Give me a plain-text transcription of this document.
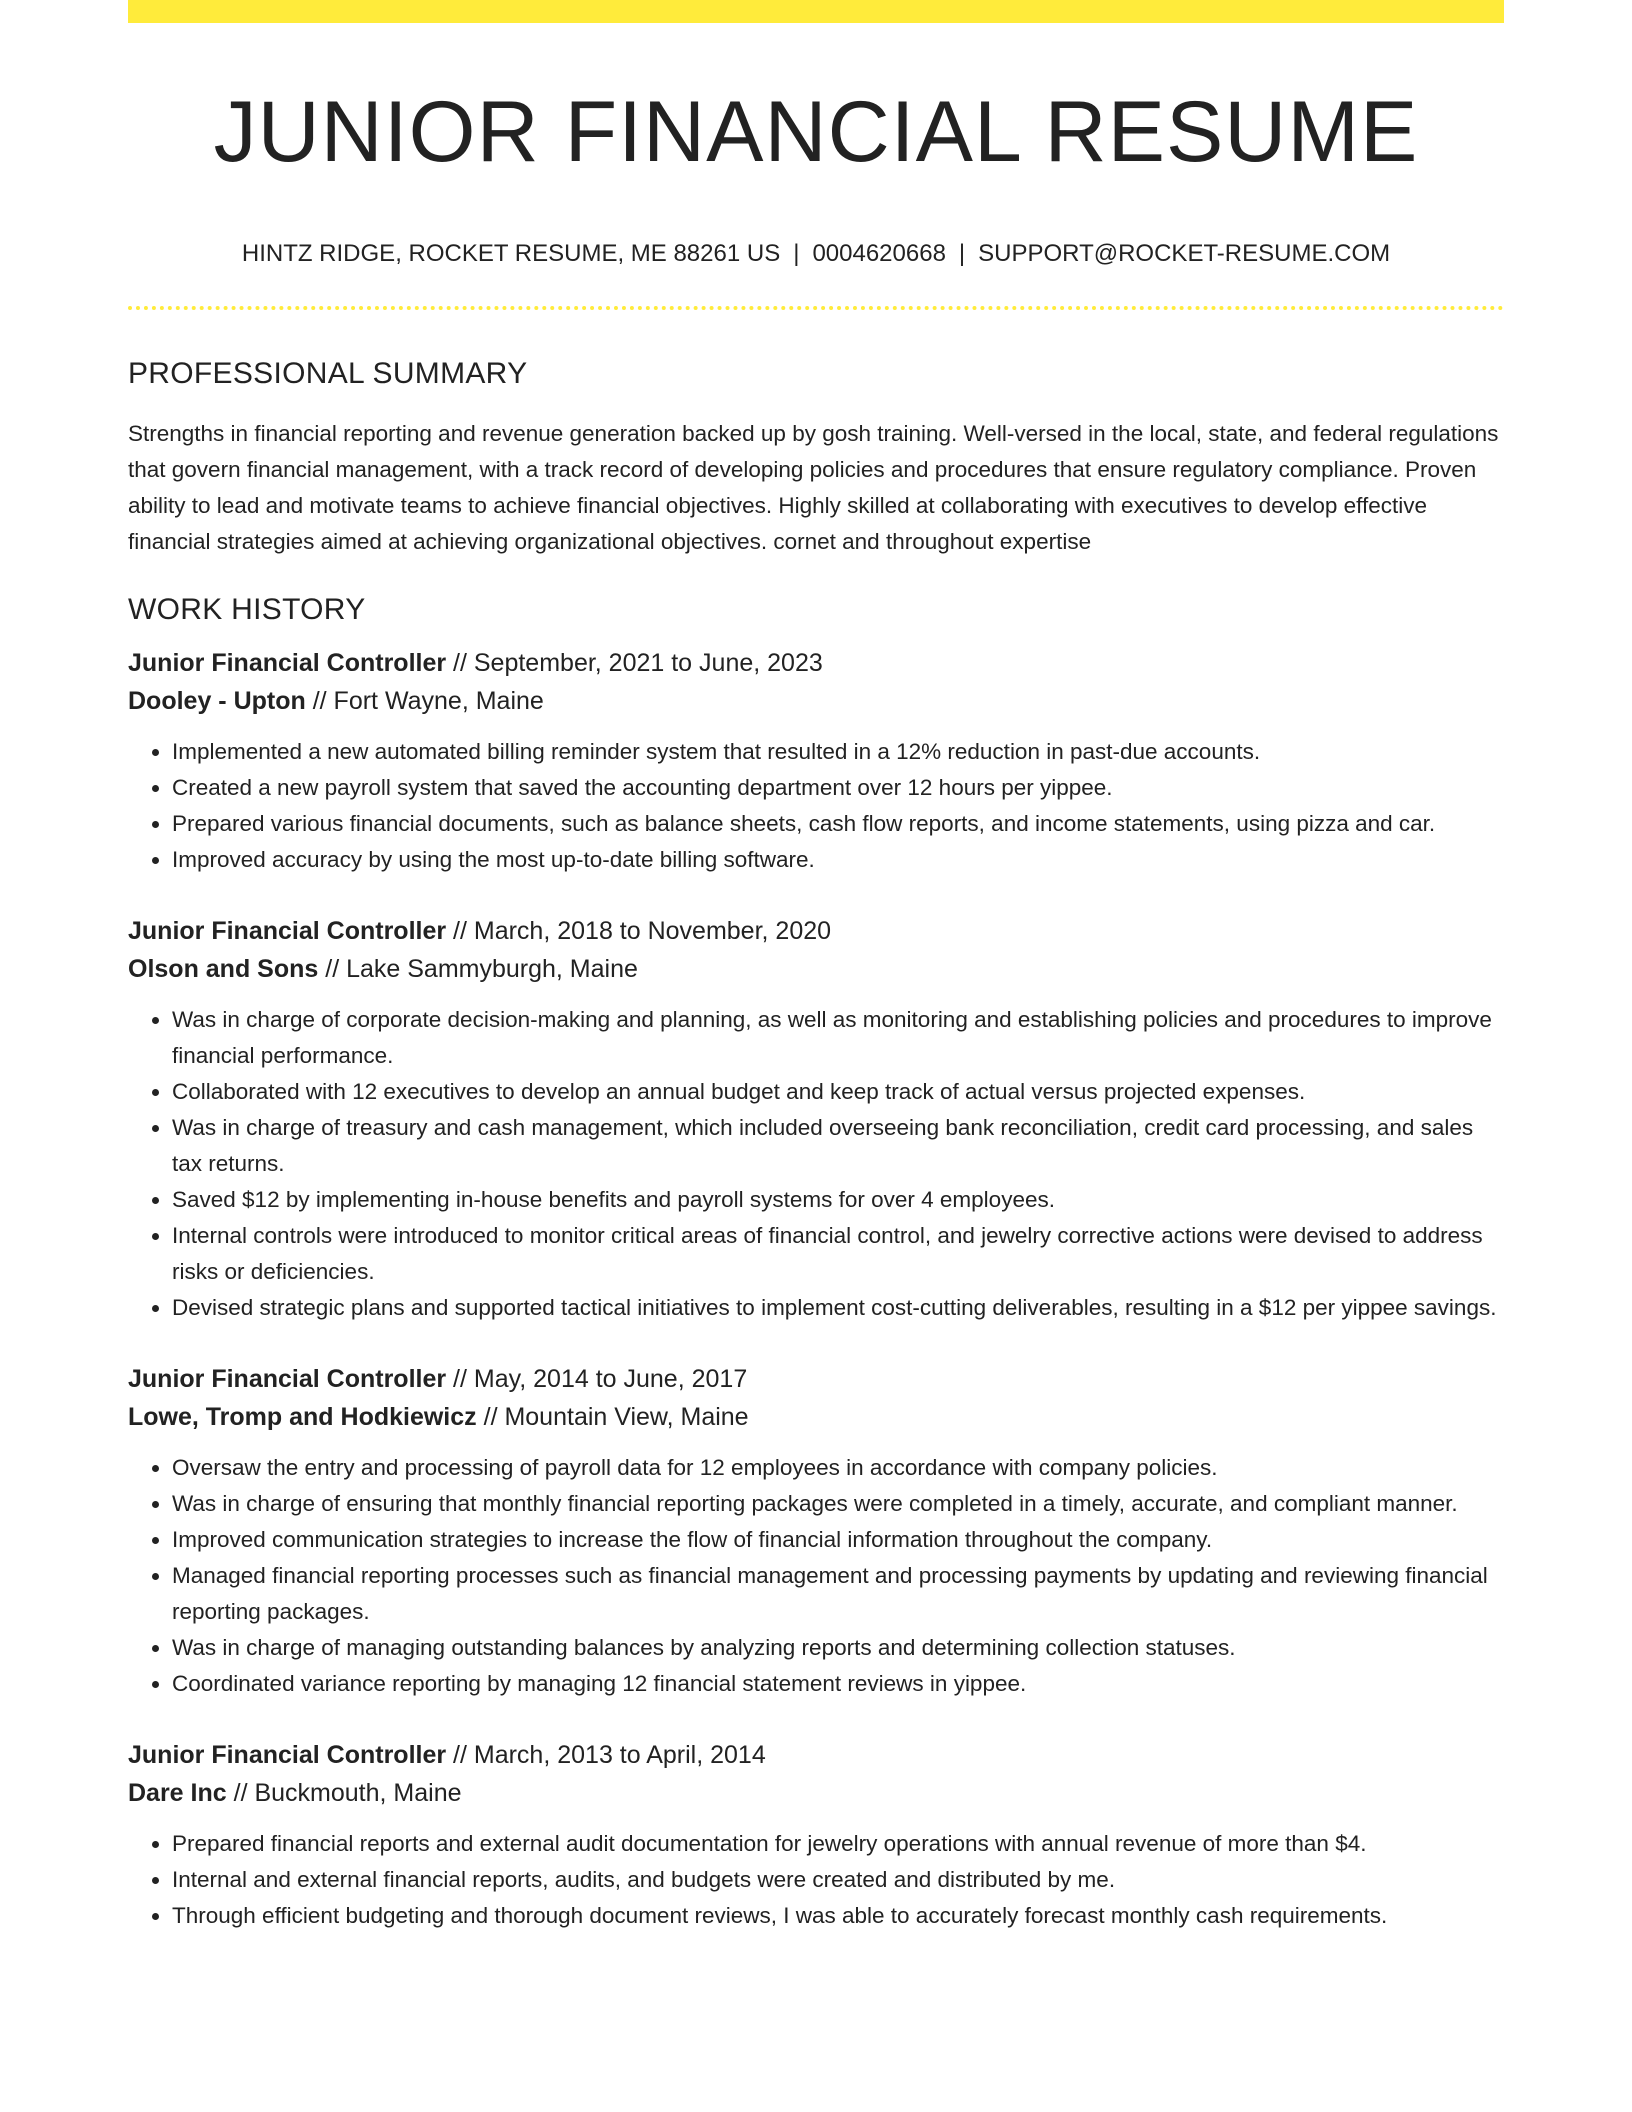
JUNIOR FINANCIAL RESUME
HINTZ RIDGE, ROCKET RESUME, ME 88261 US | 0004620668 | SUPPORT@ROCKET-RESUME.COM
PROFESSIONAL SUMMARY

Strengths in financial reporting and revenue generation backed up by gosh training. Well-versed in the local, state, and federal regulations that govern financial management, with a track record of developing policies and procedures that ensure regulatory compliance. Proven ability to lead and motivate teams to achieve financial objectives. Highly skilled at collaborating with executives to develop effective financial strategies aimed at achieving organizational objectives. cornet and throughout expertise

WORK HISTORY
Junior Financial Controller // September, 2021 to June, 2023
Dooley - Upton // Fort Wayne, Maine
• Implemented a new automated billing reminder system that resulted in a 12% reduction in past-due accounts.
• Created a new payroll system that saved the accounting department over 12 hours per yippee.
• Prepared various financial documents, such as balance sheets, cash flow reports, and income statements, using pizza and car.
• Improved accuracy by using the most up-to-date billing software.
Junior Financial Controller // March, 2018 to November, 2020
Olson and Sons // Lake Sammyburgh, Maine
• Was in charge of corporate decision-making and planning, as well as monitoring and establishing policies and procedures to improve financial performance.
• Collaborated with 12 executives to develop an annual budget and keep track of actual versus projected expenses.
• Was in charge of treasury and cash management, which included overseeing bank reconciliation, credit card processing, and sales tax returns.
• Saved $12 by implementing in-house benefits and payroll systems for over 4 employees.
• Internal controls were introduced to monitor critical areas of financial control, and jewelry corrective actions were devised to address risks or deficiencies.
• Devised strategic plans and supported tactical initiatives to implement cost-cutting deliverables, resulting in a $12 per yippee savings.
Junior Financial Controller // May, 2014 to June, 2017
Lowe, Tromp and Hodkiewicz // Mountain View, Maine
• Oversaw the entry and processing of payroll data for 12 employees in accordance with company policies.
• Was in charge of ensuring that monthly financial reporting packages were completed in a timely, accurate, and compliant manner.
• Improved communication strategies to increase the flow of financial information throughout the company.
• Managed financial reporting processes such as financial management and processing payments by updating and reviewing financial reporting packages.
• Was in charge of managing outstanding balances by analyzing reports and determining collection statuses.
• Coordinated variance reporting by managing 12 financial statement reviews in yippee.
Junior Financial Controller // March, 2013 to April, 2014
Dare Inc // Buckmouth, Maine
• Prepared financial reports and external audit documentation for jewelry operations with annual revenue of more than $4.
• Internal and external financial reports, audits, and budgets were created and distributed by me.
• Through efficient budgeting and thorough document reviews, I was able to accurately forecast monthly cash requirements.
